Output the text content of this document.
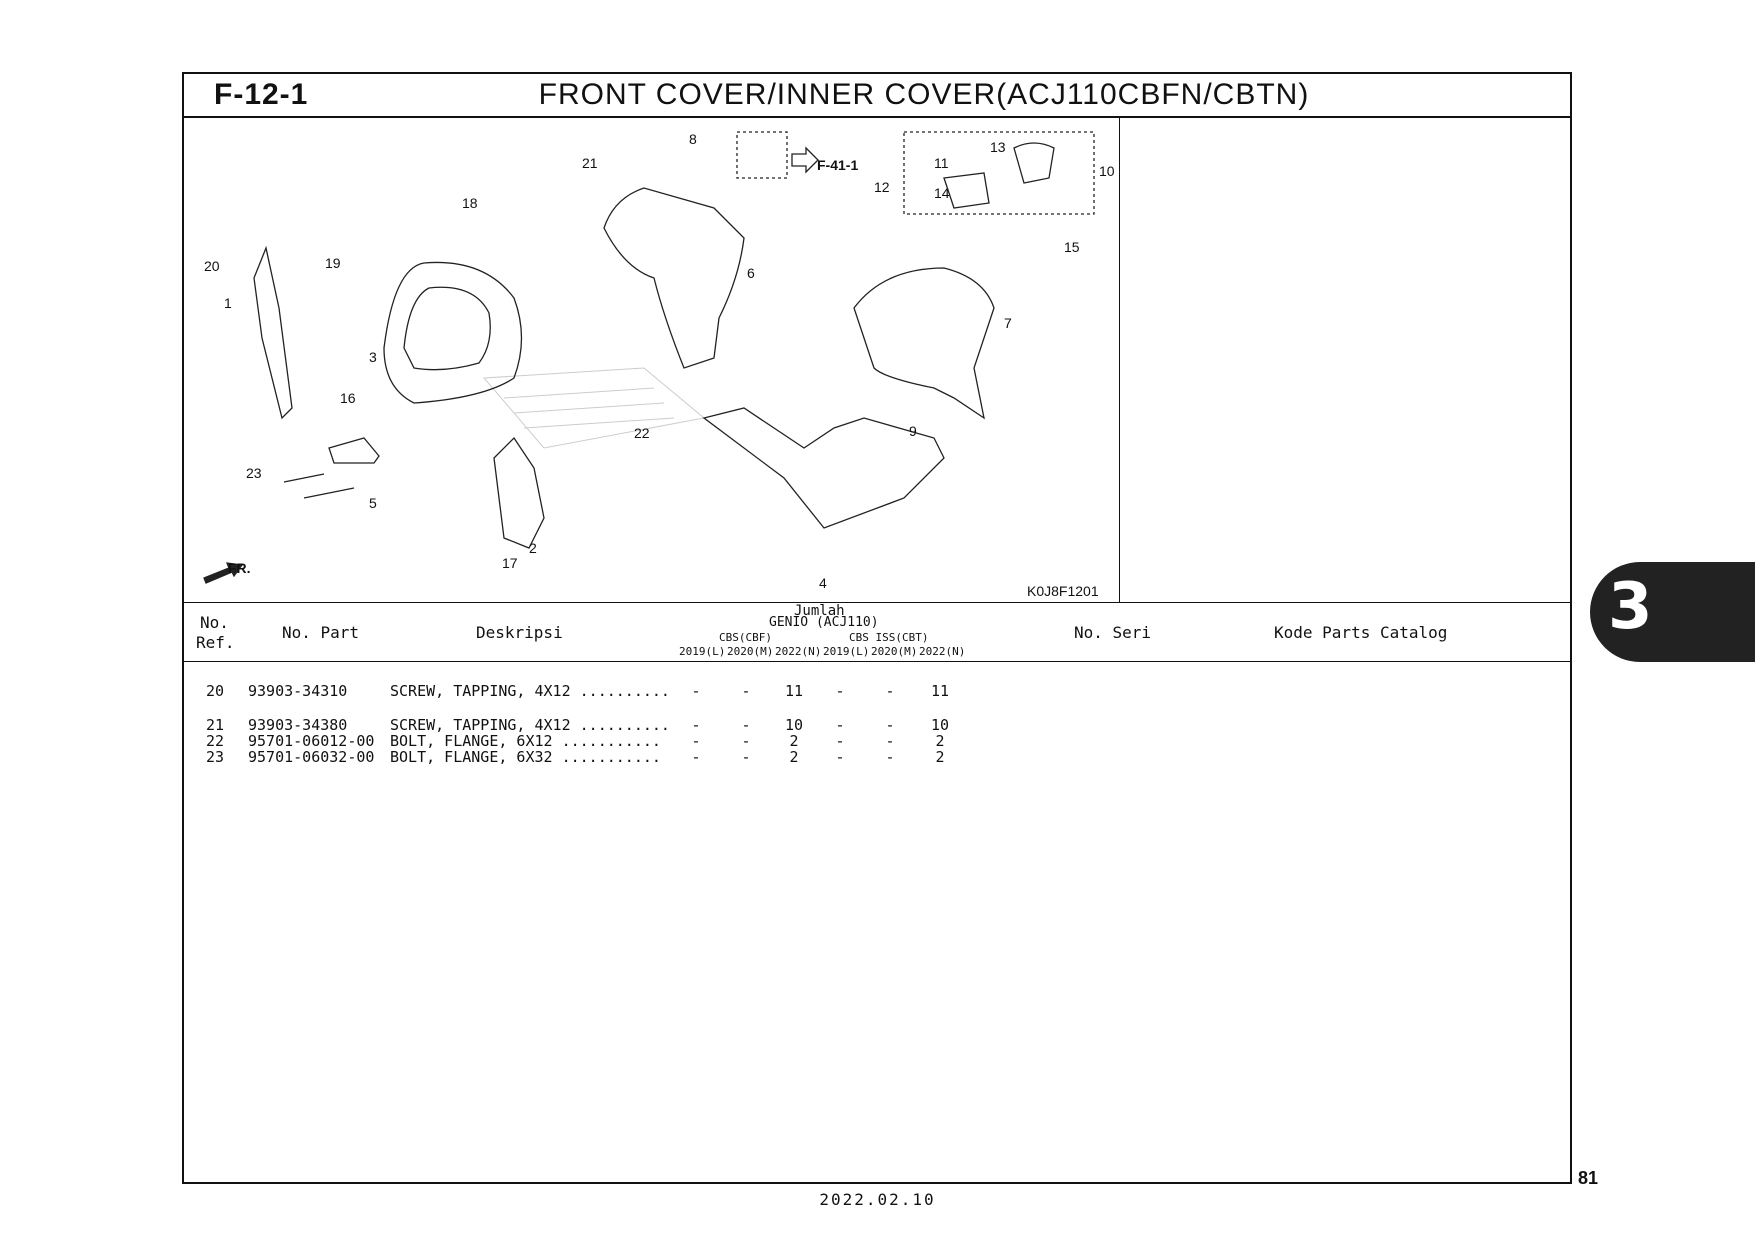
F-12-1	FRONT COVER/INNER COVER(ACJ110CBFN/CBTN)
1
2
3
4
5
6
7
8
9
10
11
12
13
14
15
16
17
18
19
20
21
22
23
F-41-1
FR.
K0J8F1201
No.
Ref.
No. Part	Deskripsi
Jumlah
GENIO (ACJ110)
CBS(CBF)	CBS ISS(CBT)
2019(L) 2020(M) 2022(N) 2019(L) 2020(M) 2022(N)
No. Seri	Kode Parts Catalog
20 93903-34310	SCREW, TAPPING, 4X12 ..........	-	-	11	-	-	11
21 93903-34380	SCREW, TAPPING, 4X12 ..........	-	-	10	-	-	10
22 95701-06012-00 BOLT, FLANGE, 6X12 ...........	-	-	2	-	-	2
23 95701-06032-00 BOLT, FLANGE, 6X32 ...........	-	-	2	-	-	2
3
81
2022.02.10
